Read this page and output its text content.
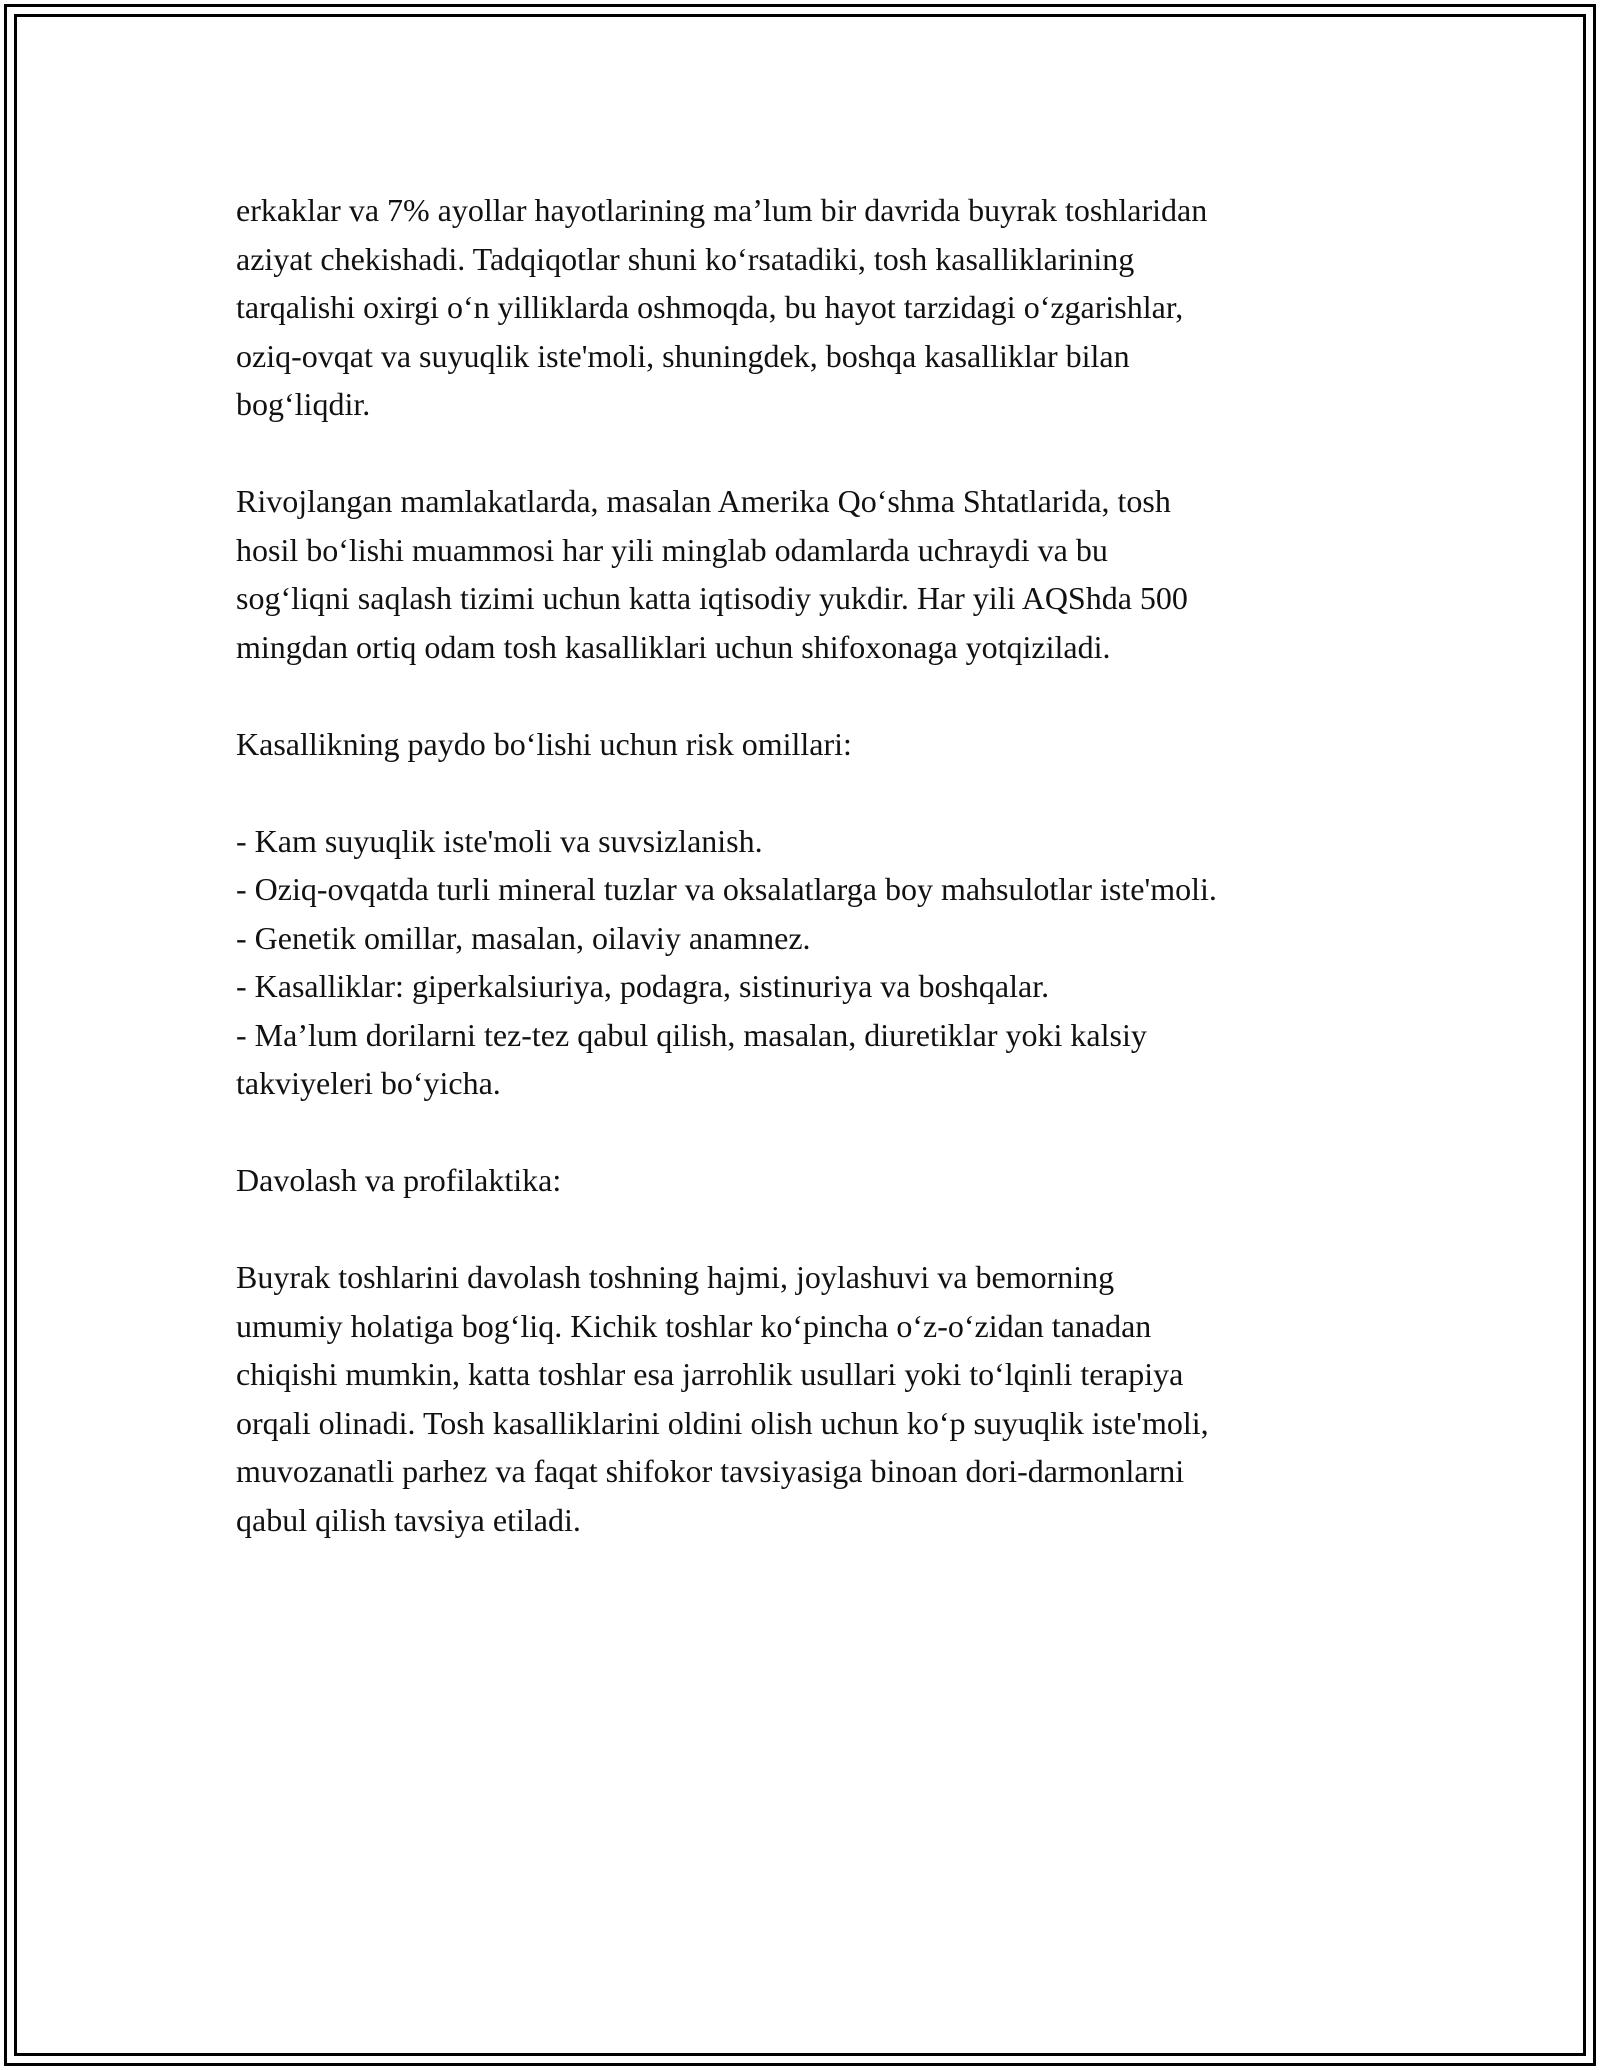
erkaklar va 7% ayollar hayotlarining ma’lum bir davrida buyrak toshlaridan
aziyat chekishadi. Tadqiqotlar shuni ko‘rsatadiki, tosh kasalliklarining
tarqalishi oxirgi o‘n yilliklarda oshmoqda, bu hayot tarzidagi o‘zgarishlar,
oziq-ovqat va suyuqlik iste'moli, shuningdek, boshqa kasalliklar bilan
bog‘liqdir.

Rivojlangan mamlakatlarda, masalan Amerika Qo‘shma Shtatlarida, tosh
hosil bo‘lishi muammosi har yili minglab odamlarda uchraydi va bu
sog‘liqni saqlash tizimi uchun katta iqtisodiy yukdir. Har yili AQShda 500
mingdan ortiq odam tosh kasalliklari uchun shifoxonaga yotqiziladi.

Kasallikning paydo bo‘lishi uchun risk omillari:

- Kam suyuqlik iste'moli va suvsizlanish.
- Oziq-ovqatda turli mineral tuzlar va oksalatlarga boy mahsulotlar iste'moli.
- Genetik omillar, masalan, oilaviy anamnez.
- Kasalliklar: giperkalsiuriya, podagra, sistinuriya va boshqalar.
- Ma’lum dorilarni tez-tez qabul qilish, masalan, diuretiklar yoki kalsiy
takviyeleri bo‘yicha.

Davolash va profilaktika:

Buyrak toshlarini davolash toshning hajmi, joylashuvi va bemorning
umumiy holatiga bog‘liq. Kichik toshlar ko‘pincha o‘z-o‘zidan tanadan
chiqishi mumkin, katta toshlar esa jarrohlik usullari yoki to‘lqinli terapiya
orqali olinadi. Tosh kasalliklarini oldini olish uchun ko‘p suyuqlik iste'moli,
muvozanatli parhez va faqat shifokor tavsiyasiga binoan dori-darmonlarni
qabul qilish tavsiya etiladi.
